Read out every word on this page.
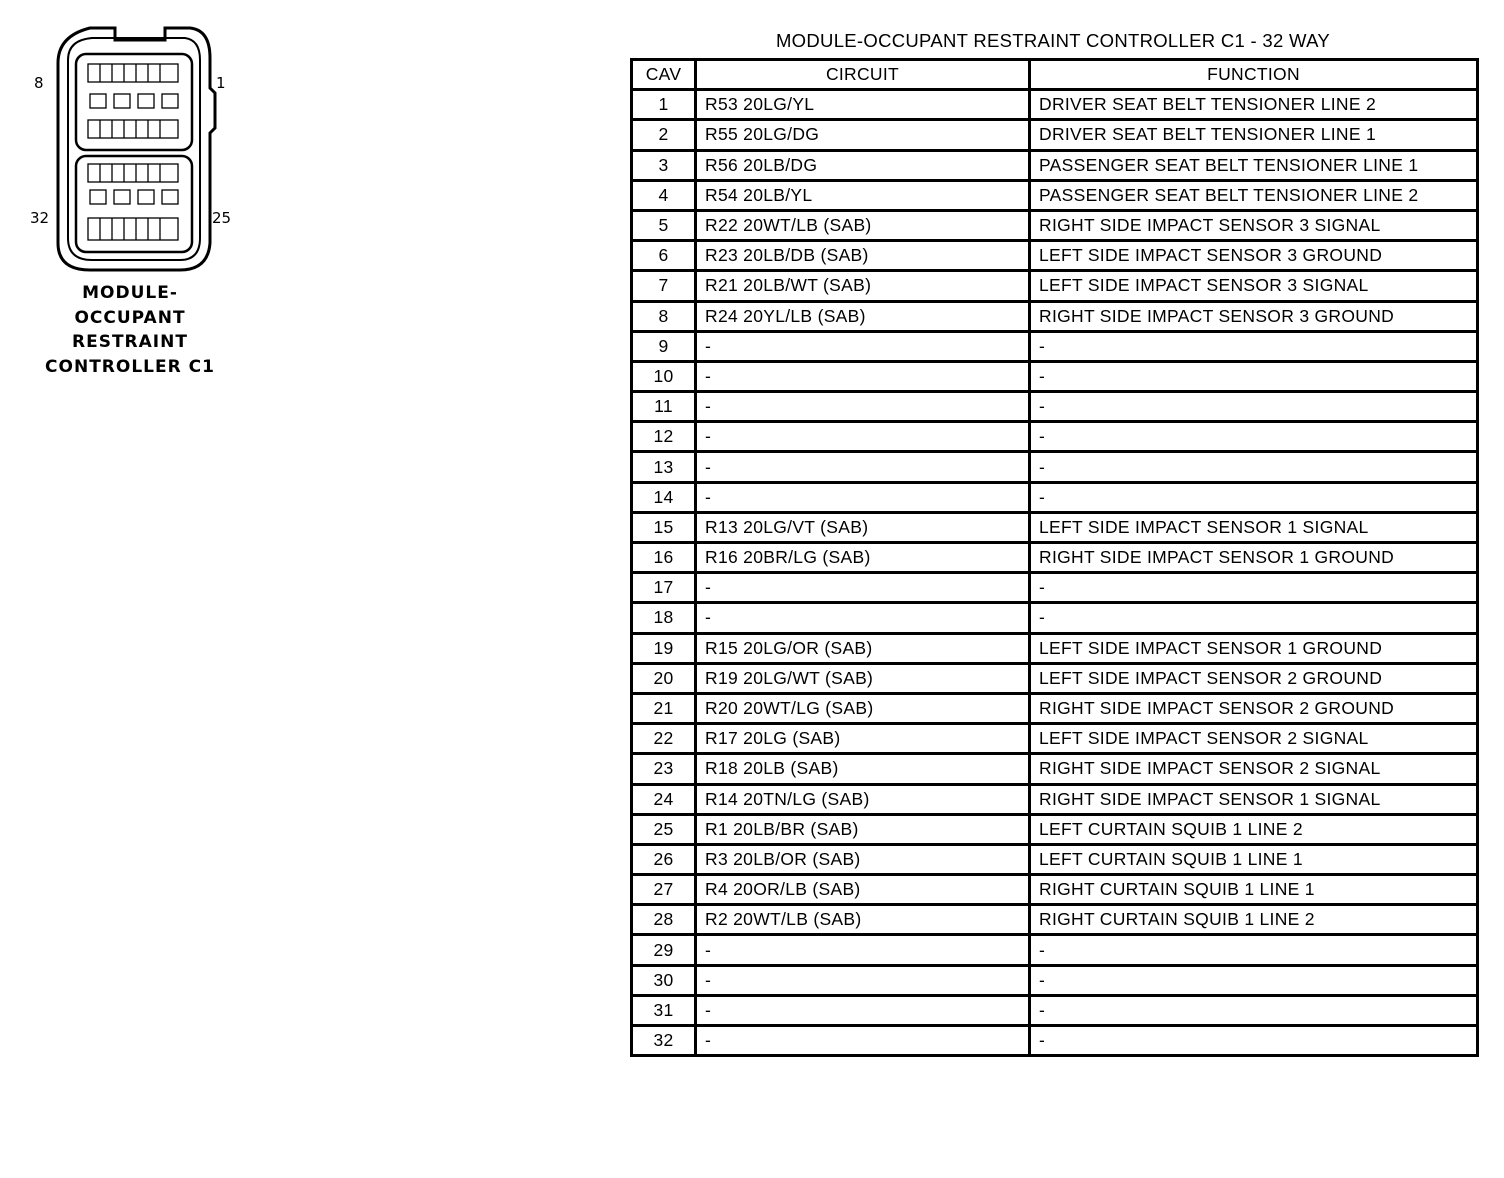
8	1
32	25
MODULE-
OCCUPANT
RESTRAINT
CONTROLLER C1
MODULE-OCCUPANT RESTRAINT CONTROLLER C1 - 32 WAY
CAV	CIRCUIT	FUNCTION
1	R53 20LG/YL	DRIVER SEAT BELT TENSIONER LINE 2
2	R55 20LG/DG	DRIVER SEAT BELT TENSIONER LINE 1
3	R56 20LB/DG	PASSENGER SEAT BELT TENSIONER LINE 1
4	R54 20LB/YL	PASSENGER SEAT BELT TENSIONER LINE 2
5	R22 20WT/LB (SAB)	RIGHT SIDE IMPACT SENSOR 3 SIGNAL
6	R23 20LB/DB (SAB)	LEFT SIDE IMPACT SENSOR 3 GROUND
7	R21 20LB/WT (SAB)	LEFT SIDE IMPACT SENSOR 3 SIGNAL
8	R24 20YL/LB (SAB)	RIGHT SIDE IMPACT SENSOR 3 GROUND
9	-	-
10	-	-
11	-	-
12	-	-
13	-	-
14	-	-
15	R13 20LG/VT (SAB)	LEFT SIDE IMPACT SENSOR 1 SIGNAL
16	R16 20BR/LG (SAB)	RIGHT SIDE IMPACT SENSOR 1 GROUND
17	-	-
18	-	-
19	R15 20LG/OR (SAB)	LEFT SIDE IMPACT SENSOR 1 GROUND
20	R19 20LG/WT (SAB)	LEFT SIDE IMPACT SENSOR 2 GROUND
21	R20 20WT/LG (SAB)	RIGHT SIDE IMPACT SENSOR 2 GROUND
22	R17 20LG (SAB)	LEFT SIDE IMPACT SENSOR 2 SIGNAL
23	R18 20LB (SAB)	RIGHT SIDE IMPACT SENSOR 2 SIGNAL
24	R14 20TN/LG (SAB)	RIGHT SIDE IMPACT SENSOR 1 SIGNAL
25	R1 20LB/BR (SAB)	LEFT CURTAIN SQUIB 1 LINE 2
26	R3 20LB/OR (SAB)	LEFT CURTAIN SQUIB 1 LINE 1
27	R4 20OR/LB (SAB)	RIGHT CURTAIN SQUIB 1 LINE 1
28	R2 20WT/LB (SAB)	RIGHT CURTAIN SQUIB 1 LINE 2
29	-	-
30	-	-
31	-	-
32	-	-
